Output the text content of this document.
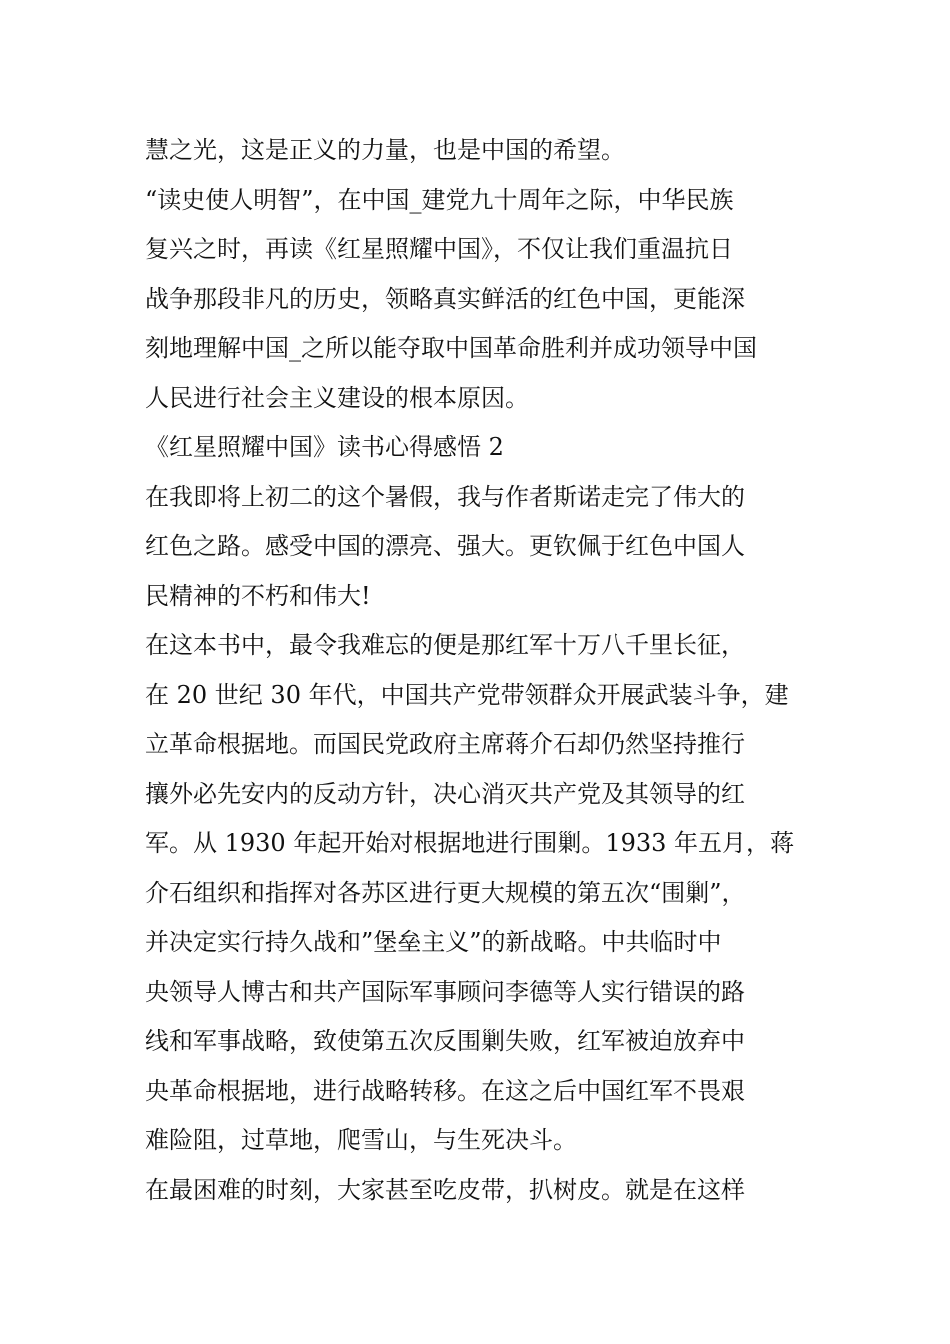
慧之光，这是正义的力量，也是中国的希望。
“读史使人明智”，在中国_建党九十周年之际，中华民族
复兴之时，再读《红星照耀中国》，不仅让我们重温抗日
战争那段非凡的历史，领略真实鲜活的红色中国，更能深
刻地理解中国_之所以能夺取中国革命胜利并成功领导中国
人民进行社会主义建设的根本原因。
《红星照耀中国》读书心得感悟 2
在我即将上初二的这个暑假，我与作者斯诺走完了伟大的
红色之路。感受中国的漂亮、强大。更钦佩于红色中国人
民精神的不朽和伟大!
在这本书中，最令我难忘的便是那红军十万八千里长征，
在 20 世纪 30 年代，中国共产党带领群众开展武装斗争，建
立革命根据地。而国民党政府主席蒋介石却仍然坚持推行
攘外必先安内的反动方针，决心消灭共产党及其领导的红
军。从 1930 年起开始对根据地进行围剿。1933 年五月，蒋
介石组织和指挥对各苏区进行更大规模的第五次“围剿”，
并决定实行持久战和”堡垒主义”的新战略。中共临时中
央领导人博古和共产国际军事顾问李德等人实行错误的路
线和军事战略，致使第五次反围剿失败，红军被迫放弃中
央革命根据地，进行战略转移。在这之后中国红军不畏艰
难险阻，过草地，爬雪山，与生死决斗。
在最困难的时刻，大家甚至吃皮带，扒树皮。就是在这样
